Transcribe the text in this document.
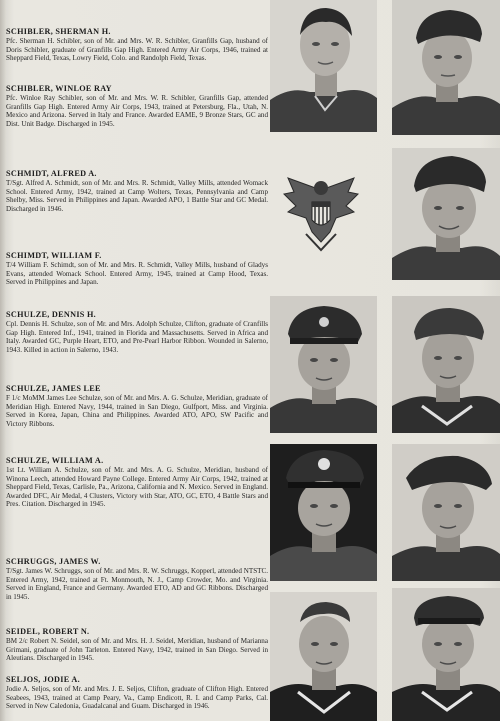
SCHIBLER, SHERMAN H.

Pfc. Sherman H. Schibler, son of Mr. and Mrs. W. R. Schibler, Granfills Gap, husband of Doris Schibler, graduate of Granfills Gap High. Entered Army Air Corps, 1946, trained at Sheppard Field, Texas, Lowry Field, Colo. and Randolph Field, Texas.

SCHIBLER, WINLOE RAY

Pfc. Winloe Ray Schibler, son of Mr. and Mrs. W. R. Schibler, Granfills Gap, attended Granfills Gap High. Entered Army Air Corps, 1943, trained at Petersburg, Fla., Utah, N. Mexico and Arizona. Served in Italy and France. Awarded EAME, 9 Bronze Stars, GC and Dist. Unit Badge. Discharged in 1945.

SCHMIDT, ALFRED A.

T/Sgt. Alfred A. Schmidt, son of Mr. and Mrs. R. Schmidt, Valley Mills, attended Womack School. Entered Army, 1942, trained at Camp Wolters, Texas, Pennsylvania and Camp Shelby, Miss. Served in Philippines and Japan. Awarded APO, 1 Battle Star and GC Medal. Discharged in 1946.

SCHIMDT, WILLIAM F.

T/4 William F. Schimdt, son of Mr. and Mrs. R. Schmidt, Valley Mills, husband of Gladys Evans, attended Womack School. Entered Army, 1945, trained at Camp Hood, Texas. Served in Philippines and Japan.

SCHULZE, DENNIS H.

Cpl. Dennis H. Schulze, son of Mr. and Mrs. Adolph Schulze, Clifton, graduate of Cranfills Gap High. Entered Inf., 1941, trained in Florida and Massachusetts. Served in Africa and Italy. Awarded GC, Purple Heart, ETO, and Pre-Pearl Harbor Ribbon. Wounded in Salerno, 1943. Killed in action in Salerno, 1943.

SCHULZE, JAMES LEE

F 1/c MoMM James Lee Schulze, son of Mr. and Mrs. A. G. Schulze, Meridian, graduate of Meridian High. Entered Navy, 1944, trained in San Diego, Gulfport, Miss. and Virginia. Served in Korea, Japan, China and Philippines. Awarded ATO, APO, SW Pacific and Victory Ribbons.

SCHULZE, WILLIAM A.

1st Lt. William A. Schulze, son of Mr. and Mrs. A. G. Schulze, Meridian, husband of Winona Leech, attended Howard Payne College. Entered Army Air Corps, 1942, trained at Sheppard Field, Texas, Carlisle, Pa., Arizona, California and N. Mexico. Served in England. Awarded DFC, Air Medal, 4 Clusters, Victory with Star, ATO, GC, ETO, 4 Battle Stars and Pres. Citation. Discharged in 1945.

SCHRUGGS, JAMES W.

T/Sgt. James W. Schruggs, son of Mr. and Mrs. R. W. Schruggs, Kopperl, attended NTSTC. Entered Army, 1942, trained at Ft. Monmouth, N. J., Camp Crowder, Mo. and Virginia. Served in England, France and Germany. Awarded ETO, AD and GC Ribbons. Discharged in 1945.

SEIDEL, ROBERT N.

BM 2/c Robert N. Seidel, son of Mr. and Mrs. H. J. Seidel, Meridian, husband of Marianna Grimani, graduate of John Tarleton. Entered Navy, 1942, trained in San Diego. Served in Aleutians. Discharged in 1945.

SELJOS, JODIE A.

Jodie A. Seljos, son of Mr. and Mrs. J. E. Seljos, Clifton, graduate of Clifton High. Entered Seabees, 1943, trained at Camp Peary, Va., Camp Endicott, R. I. and Camp Parks, Cal. Served in New Caledonia, Guadalcanal and Guam. Discharged in 1946.
